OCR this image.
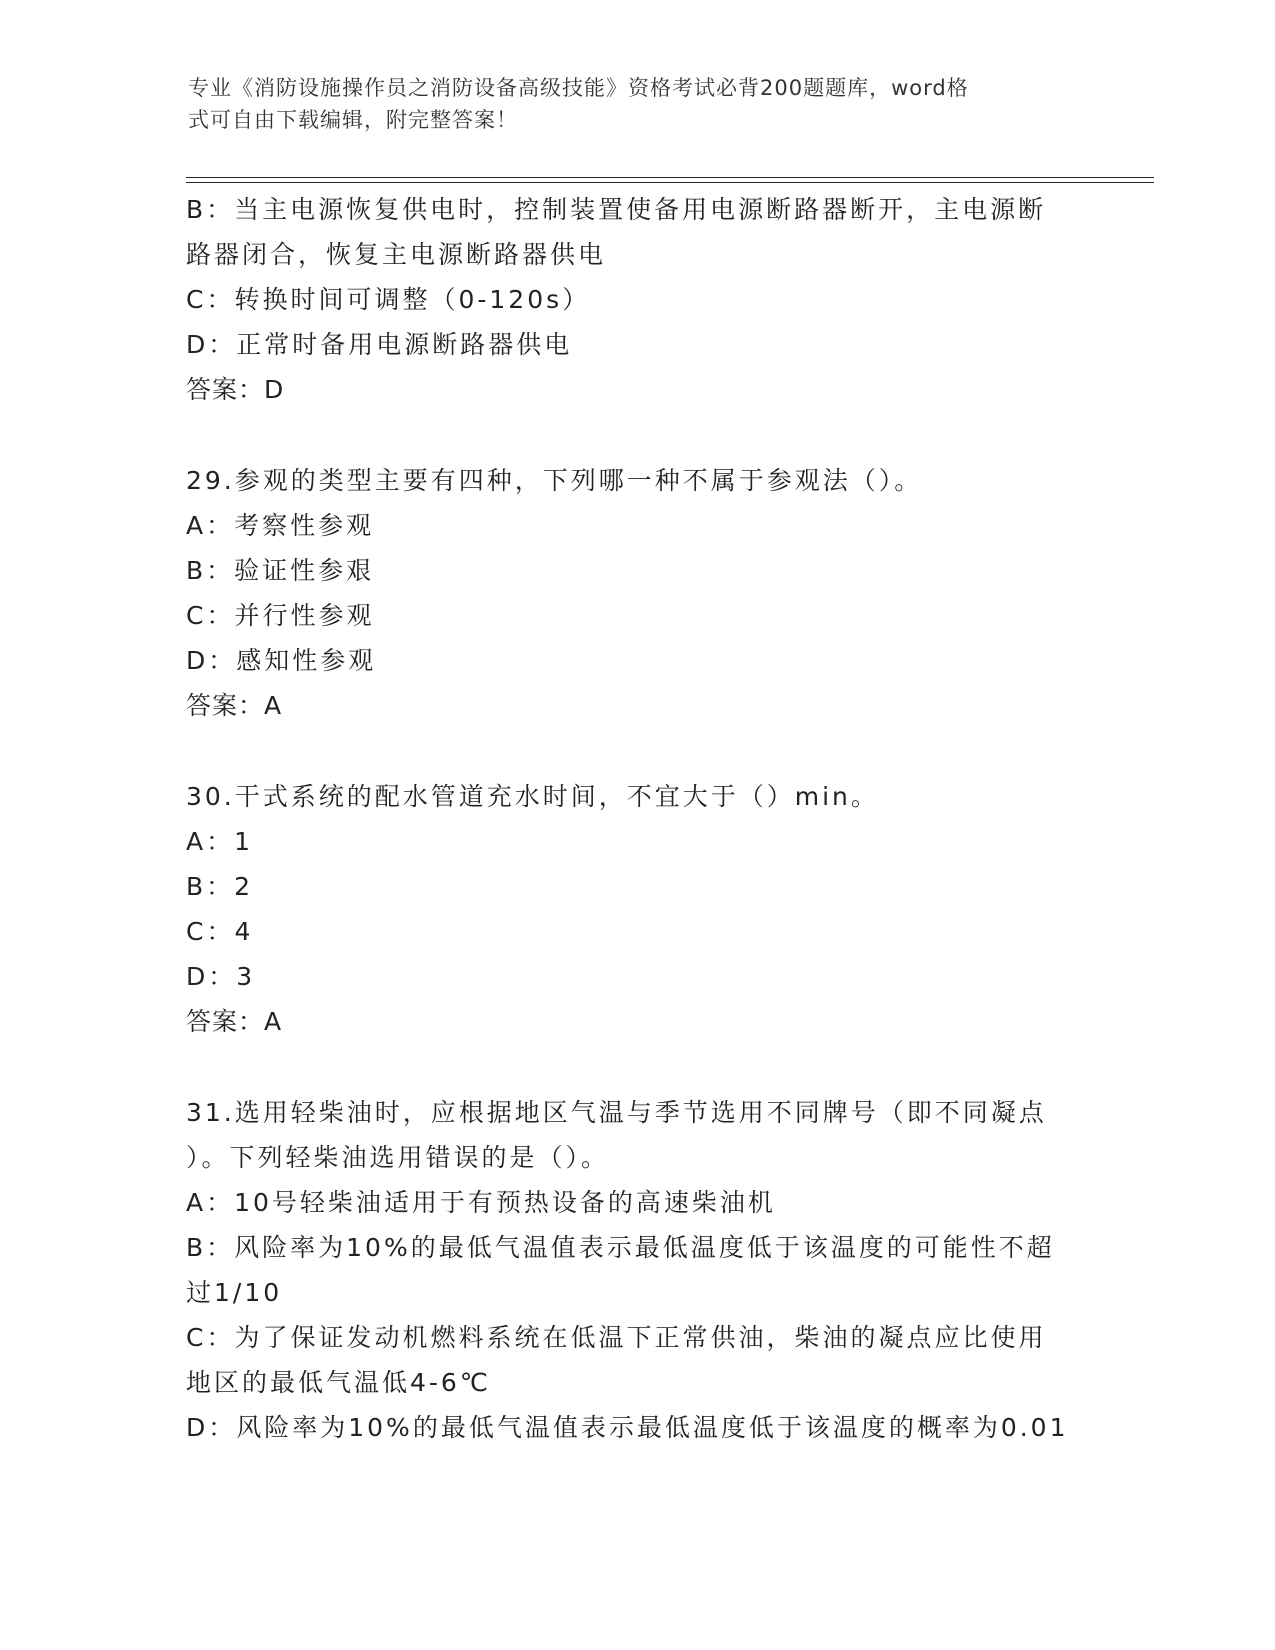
专业《消防设施操作员之消防设备高级技能》资格考试必背200题题库，word格
式可自由下载编辑，附完整答案！
B：当主电源恢复供电时，控制装置使备用电源断路器断开，主电源断
路器闭合，恢复主电源断路器供电
C：转换时间可调整（0-120s）
D：正常时备用电源断路器供电
答案：D
29.参观的类型主要有四种，下列哪一种不属于参观法（）。
A：考察性参观
B：验证性参艰
C：并行性参观
D：感知性参观
答案：A
30.干式系统的配水管道充水时间，不宜大于（）min。
A：1
B：2
C：4
D：3
答案：A
31.选用轻柴油时，应根据地区气温与季节选用不同牌号（即不同凝点
）。下列轻柴油选用错误的是（）。
A：10号轻柴油适用于有预热设备的高速柴油机
B：风险率为10%的最低气温值表示最低温度低于该温度的可能性不超
过1/10
C：为了保证发动机燃料系统在低温下正常供油，柴油的凝点应比使用
地区的最低气温低4-6℃
D：风险率为10%的最低气温值表示最低温度低于该温度的概率为0.01
